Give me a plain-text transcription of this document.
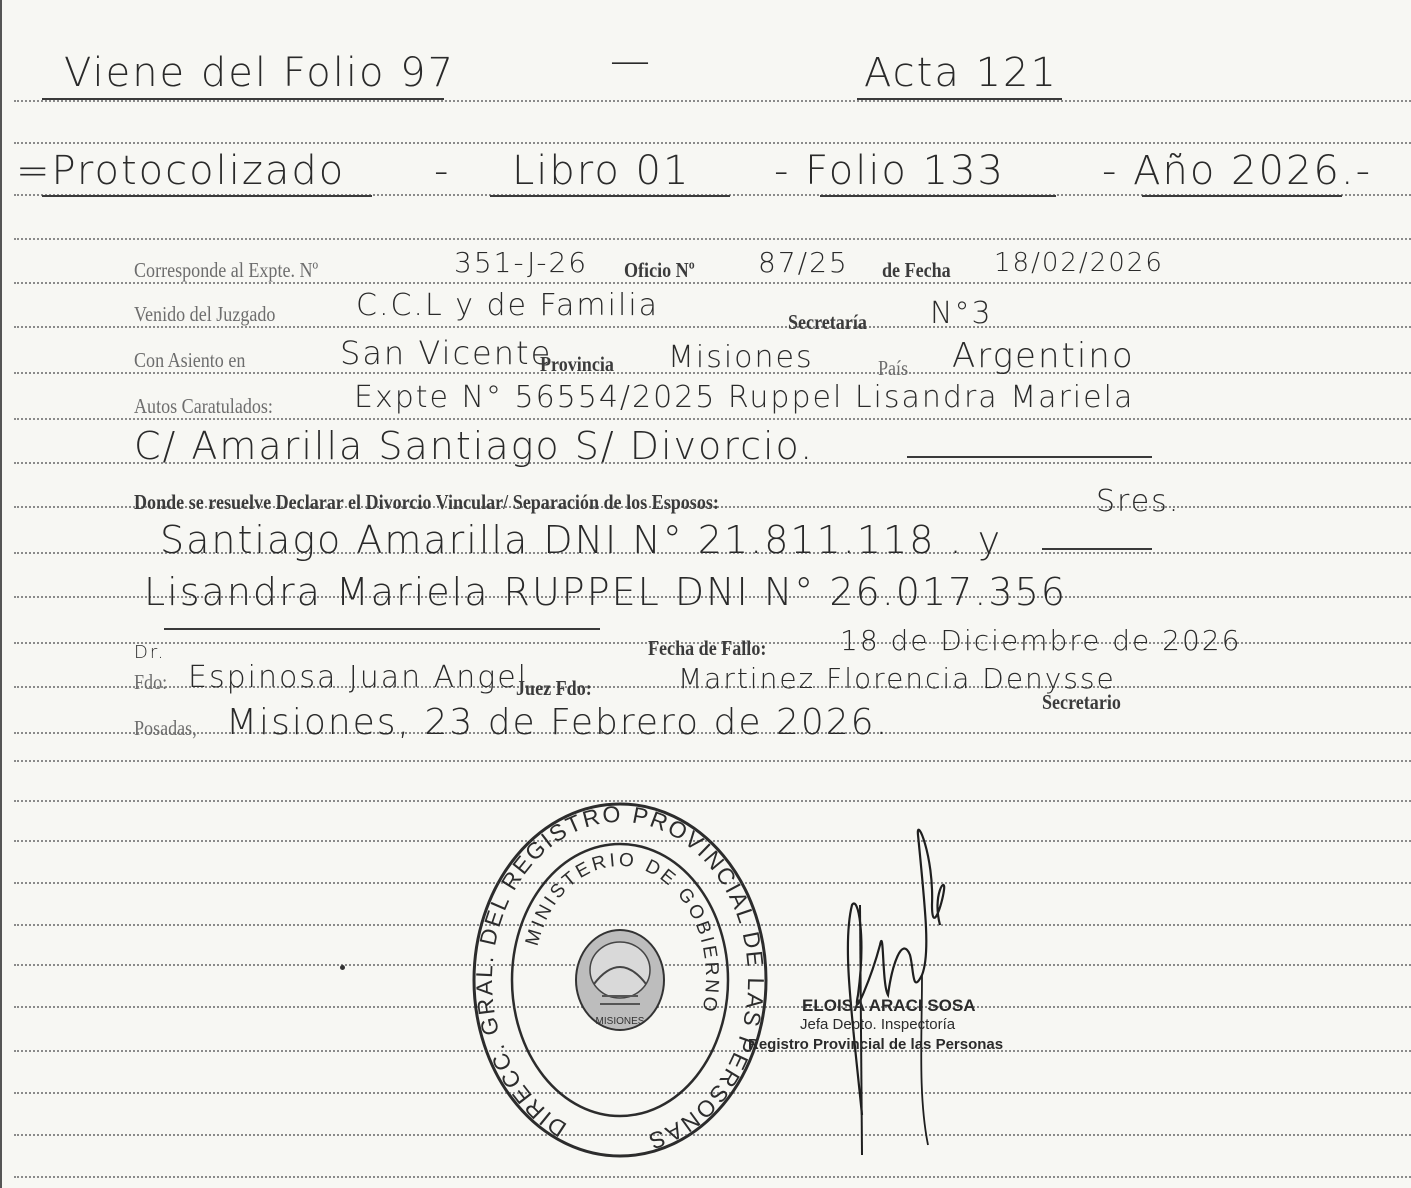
Viene del Folio 97	—	Acta 121
=Protocolizado - Libro 01 - Folio 133 - Año 2026.-
Corresponde al Expte. Nº	351-J-26 Oficio Nº 87/25 de Fecha 18/02/2026
Venido del Juzgado	C.C.L y de Familia	Secretaría N°3
Con Asiento en	San Vicente
Provincia Misiones	País Argentino
Autos Caratulados:	Expte N° 56554/2025 Ruppel Lisandra Mariela
C/ Amarilla Santiago S/ Divorcio.
Donde se resuelve Declarar el Divorcio Vincular/ Separación de los Esposos:	Sres.
Santiago Amarilla DNI N° 21.811.118 . y
Lisandra Mariela RUPPEL DNI N° 26.017.356
Fecha de Fallo:	18 de Diciembre de 2026
Dr.
Fdo: Espinosa Juan Angel
Juez Fdo:	Martinez Florencia Denysse
Secretario
Posadas, Misiones, 23 de Febrero de 2026.
DIRECC. GRAL. DEL REGISTRO PROVINCIAL DE LAS PERSONAS
MINISTERIO DE GOBIERNO
MISIONES
ELOISA ARACI SOSA
Jefa Depto. Inspectoría
Registro Provincial de las Personas
